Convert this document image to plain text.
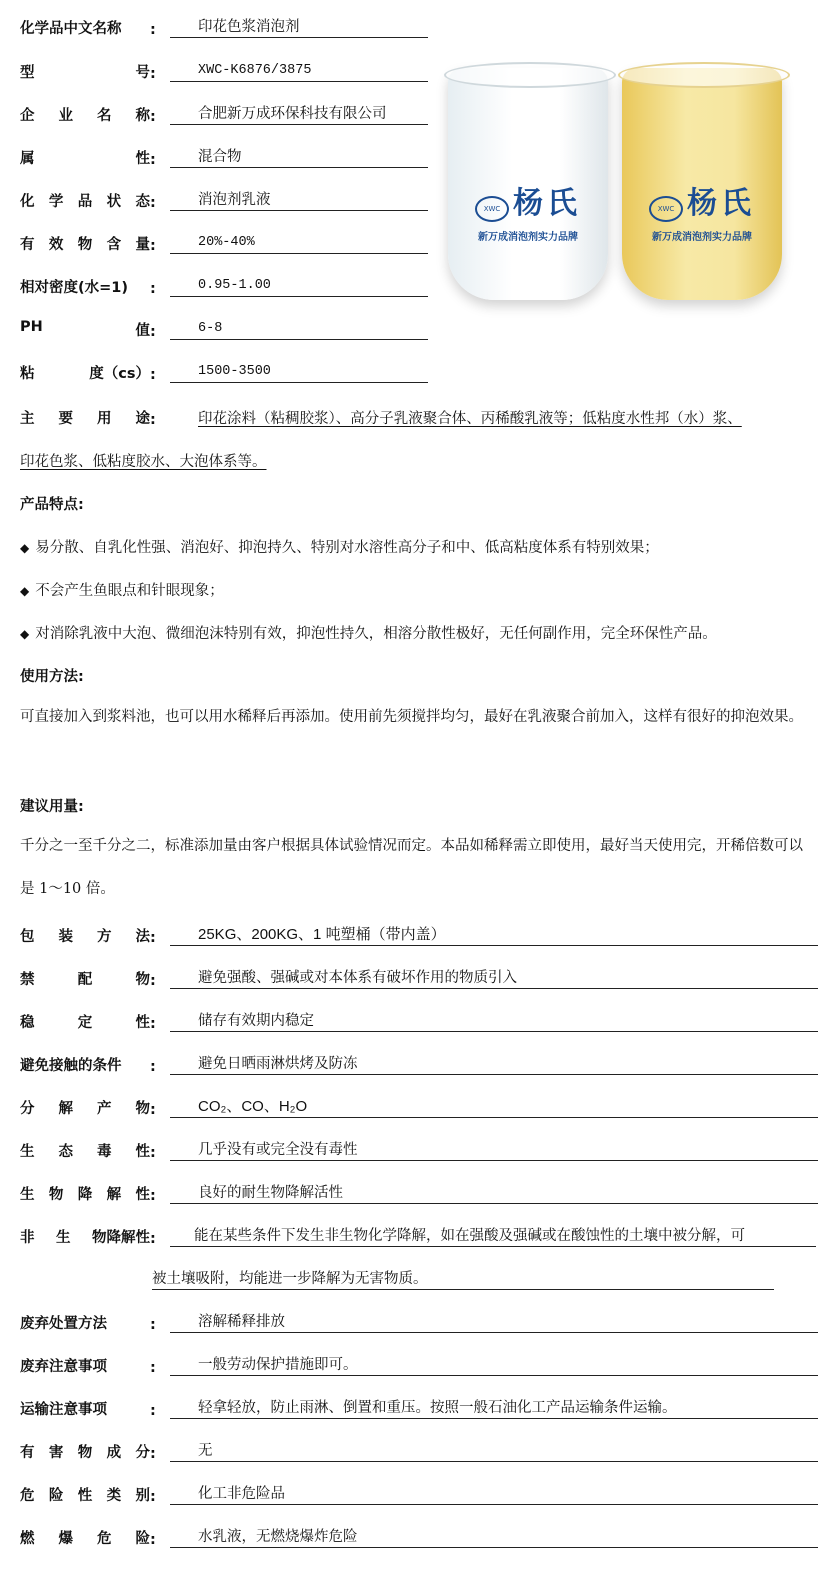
化学品中文名称 :	印花色浆消泡剂
型	号 :	XWC-K6876/3875
企 业 名 称 :	合肥新万成环保科技有限公司
属	性 :	混合物
化 学 品 状 态 :	消泡剂乳液
有 效 物 含 量 :	20%-40%
相对密度(水=1) :	0.95-1.00
PH	值 :	6-8
粘	度（cs） :	1500-3500
XWC 杨氏
新万成消泡剂实力品牌
XWC 杨氏
新万成消泡剂实力品牌
主 要 用 途 :	印花涂料（粘稠胶浆）、高分子乳液聚合体、丙稀酸乳液等；低粘度水性邦（水）浆、
印花色浆、低粘度胶水、大泡体系等。
产品特点:
◆ 易分散、自乳化性强、消泡好、抑泡持久、特别对水溶性高分子和中、低高粘度体系有特别效果；
◆ 不会产生鱼眼点和针眼现象；
◆ 对消除乳液中大泡、微细泡沫特别有效，抑泡性持久，相溶分散性极好，无任何副作用，完全环保性产品。
使用方法:
可直接加入到浆料池，也可以用水稀释后再添加。使用前先须搅拌均匀，最好在乳液聚合前加入，这样有很好的抑泡效果。
建议用量:
千分之一至千分之二，标准添加量由客户根据具体试验情况而定。本品如稀释需立即使用，最好当天使用完，开稀倍数可以是 1～10 倍。
包 装 方 法 :	25KG、200KG、1 吨塑桶（带内盖）
禁	配	物 :	避免强酸、强碱或对本体系有破坏作用的物质引入
稳	定	性 :	储存有效期内稳定
避免接触的条件 :	避免日晒雨淋烘烤及防冻
分 解 产 物 :	CO₂、CO、H₂O
生 态 毒 性 :	几乎没有或完全没有毒性
生 物 降 解 性 :	良好的耐生物降解活性
非 生 物降解性 :	能在某些条件下发生非生物化学降解，如在强酸及强碱或在酸蚀性的土壤中被分解，可
被土壤吸附，均能进一步降解为无害物质。
废弃处置方法	:	溶解稀释排放
废弃注意事项	:	一般劳动保护措施即可。
运输注意事项	:	轻拿轻放，防止雨淋、倒置和重压。按照一般石油化工产品运输条件运输。
有 害 物 成 分 :	无
危 险 性 类 别 :	化工非危险品
燃 爆 危 险 :	水乳液，无燃烧爆炸危险
